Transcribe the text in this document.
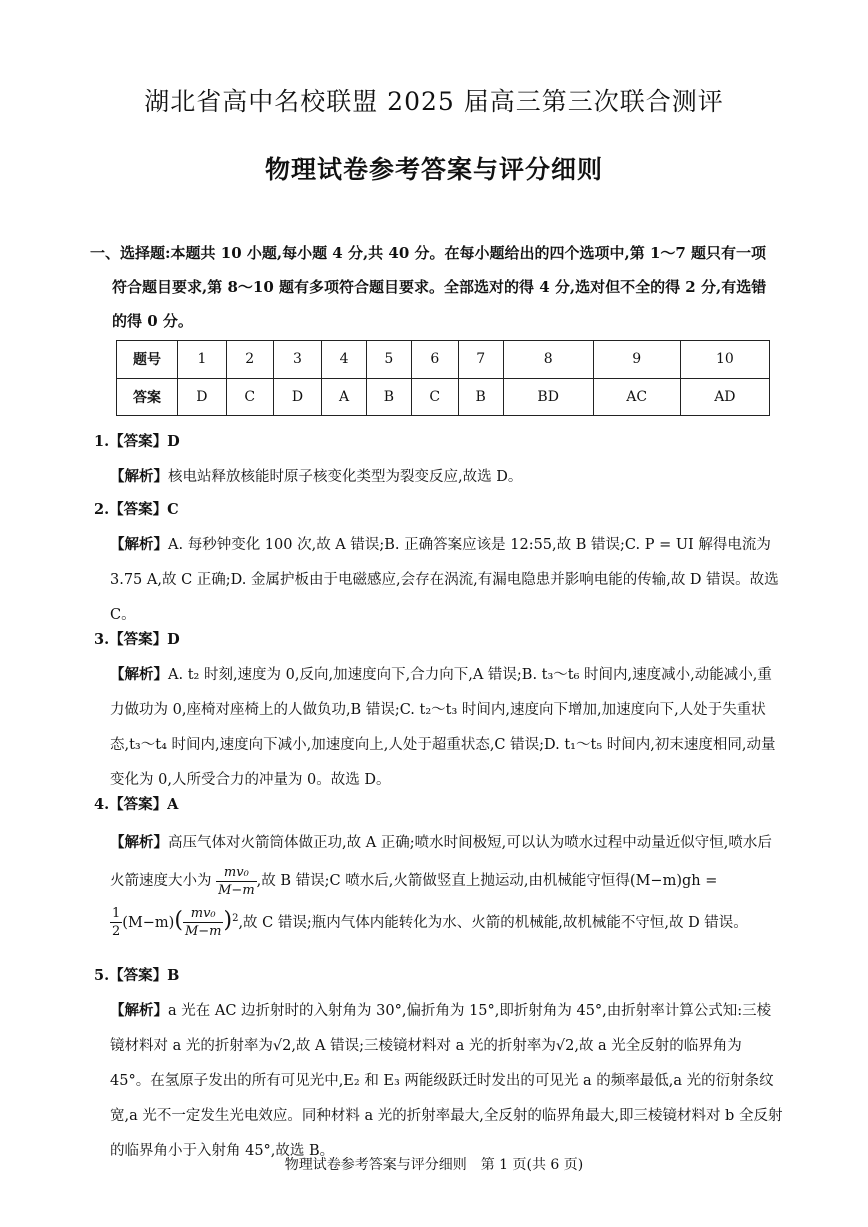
湖北省高中名校联盟 2025 届高三第三次联合测评
物理试卷参考答案与评分细则
一、选择题:本题共 10 小题,每小题 4 分,共 40 分。在每小题给出的四个选项中,第 1～7 题只有一项符合题目要求,第 8～10 题有多项符合题目要求。全部选对的得 4 分,选对但不全的得 2 分,有选错的得 0 分。
题号	1	2	3	4	5	6	7	8	9	10
答案	D	C	D	A	B	C	B	BD	AC	AD
1.【答案】D
【解析】核电站释放核能时原子核变化类型为裂变反应,故选 D。
2.【答案】C
【解析】A. 每秒钟变化 100 次,故 A 错误;B. 正确答案应该是 12:55,故 B 错误;C. P = UI 解得电流为 3.75 A,故 C 正确;D. 金属护板由于电磁感应,会存在涡流,有漏电隐患并影响电能的传输,故 D 错误。故选 C。
3.【答案】D
【解析】A. t₂ 时刻,速度为 0,反向,加速度向下,合力向下,A 错误;B. t₃～t₆ 时间内,速度减小,动能减小,重力做功为 0,座椅对座椅上的人做负功,B 错误;C. t₂～t₃ 时间内,速度向下增加,加速度向下,人处于失重状态,t₃～t₄ 时间内,速度向下减小,加速度向上,人处于超重状态,C 错误;D. t₁～t₅ 时间内,初末速度相同,动量变化为 0,人所受合力的冲量为 0。故选 D。
4.【答案】A
【解析】高压气体对火箭筒体做正功,故 A 正确;喷水时间极短,可以认为喷水过程中动量近似守恒,喷水后火箭速度大小为 $\frac{\text{mv₀}}{M-m}$ ,故 B 错误;C 喷水后,火箭做竖直上抛运动,由机械能守恒得(M−m)gh =

$\frac{1}{2} (M-m)( \frac{\text{mv₀}}{M-m} )^2$,故 C 错误;瓶内气体内能转化为水、火箭的机械能,故机械能不守恒,故 D 错误。
5.【答案】B
【解析】a 光在 AC 边折射时的入射角为 30°,偏折角为 15°,即折射角为 45°,由折射率计算公式知:三棱镜材料对 a 光的折射率为√2,故 A 错误;三棱镜材料对 a 光的折射率为√2,故 a 光全反射的临界角为 45°。在氢原子发出的所有可见光中,E₂ 和 E₃ 两能级跃迁时发出的可见光 a 的频率最低,a 光的衍射条纹宽,a 光不一定发生光电效应。同种材料 a 光的折射率最大,全反射的临界角最大,即三棱镜材料对 b 全反射的临界角小于入射角 45°,故选 B。
物理试卷参考答案与评分细则　第 1 页(共 6 页)
